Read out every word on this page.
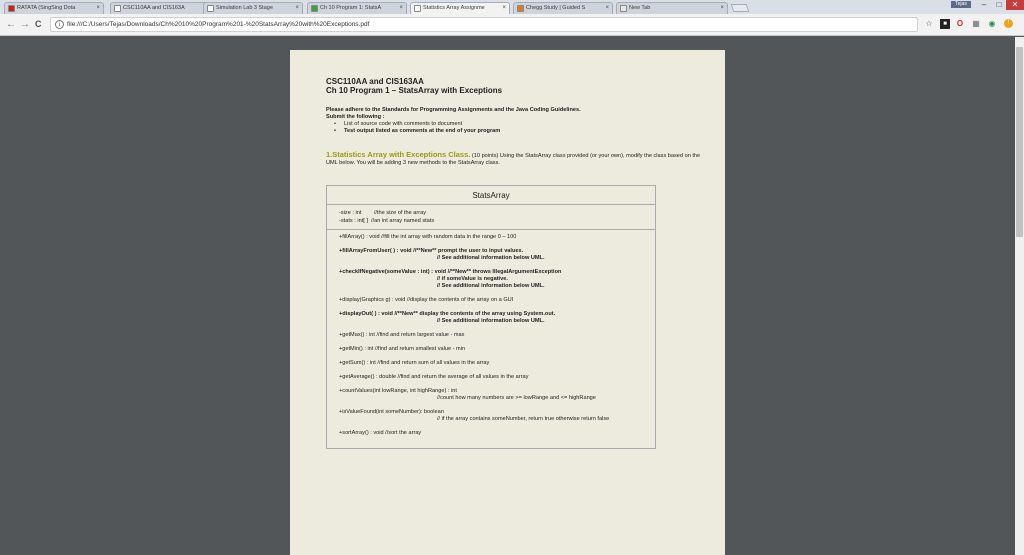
RATATA (SingSing Dota	×	CSC110AA and CIS163A	Simulation Lab 3 Stage	×	Ch 10 Program 1: StatsA	×	Statistics Array Assignme	×	Chegg Study | Guided S	×	New Tab	×
Tejas	–	□	✕
← → C	i	file:///C:/Users/Tejas/Downloads/Ch%2010%20Program%201-%20StatsArray%20with%20Exceptions.pdf	☆	■	O ▦ ◉	!
CSC110AA and CIS163AA
Ch 10 Program 1 – StatsArray with Exceptions
Please adhere to the Standards for Programming Assignments and the Java Coding Guidelines.
Submit the following :
• List of source code with comments to document
• Test output listed as comments at the end of your program
1.Statistics Array with Exceptions Class. (10 points) Using the StatsArray class provided (or your own), modify the class based on the UML below. You will be adding 3 new methods to the StatsArray class.
StatsArray
-size : int        //the size of the array
-stats : int[ ]  //an int array named stats
+fillArray() : void //fill the int array with random data in the range 0 – 100
+fillArrayFromUser( ) : void //**New** prompt the user to input values.
// See additional information below UML.
+checkIfNegative(someValue : int) : void //**New** throws IllegalArgumentException
// if someValue is negative.
// See additional information below UML.
+display(Graphics g) : void //display the contents of the array on a GUI
+displayOut( ) : void //**New** display the contents of the array using System.out.
// See additional information below UML.
+getMax() : int //find and return largest value - max
+getMin() : int //find and return smallest value - min
+getSum() : int //find and return sum of all values in the array
+getAverage() : double //find and return the average of all values in the array
+countValues(int lowRange, int highRange) : int
//count how many numbers are >= lowRange and <= highRange
+isValueFound(int someNumber): boolean
// if the array contains someNumber, return true otherwise return false
+sortArray() : void //sort the array
